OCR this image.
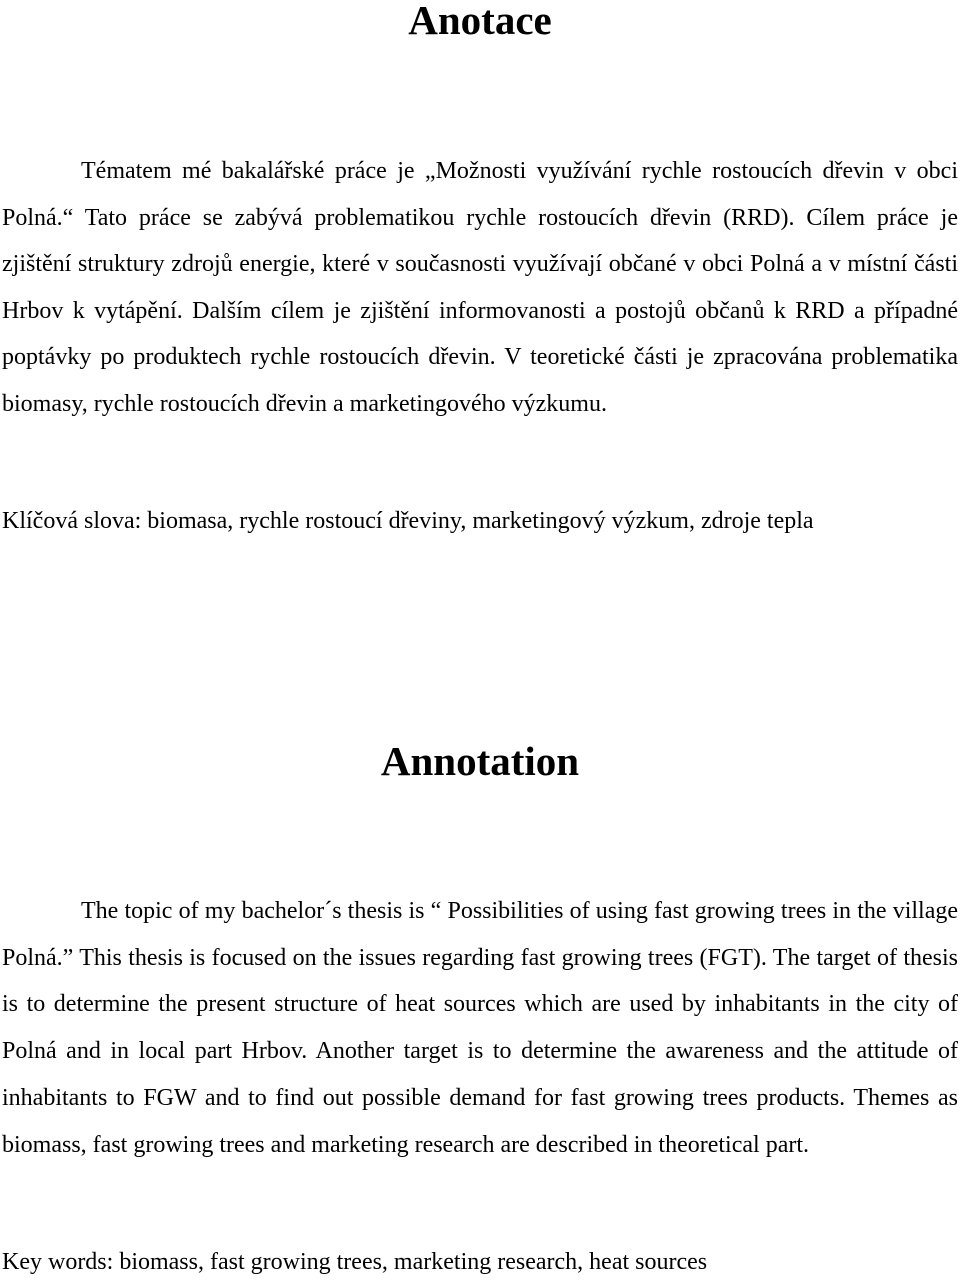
Anotace

Tématem mé bakalářské práce je „Možnosti využívání rychle rostoucích dřevin v obci Polná.“ Tato práce se zabývá problematikou rychle rostoucích dřevin (RRD). Cílem práce je zjištění struktury zdrojů energie, které v současnosti využívají občané v obci Polná a v místní části Hrbov k vytápění. Dalším cílem je zjištění informovanosti a postojů občanů k RRD a případné poptávky po produktech rychle rostoucích dřevin. V teoretické části je zpracována problematika biomasy, rychle rostoucích dřevin a marketingového výzkumu.

Klíčová slova: biomasa, rychle rostoucí dřeviny, marketingový výzkum, zdroje tepla

Annotation

The topic of my bachelor´s thesis is “ Possibilities of using fast growing trees in the village Polná.” This thesis is focused on the issues regarding fast growing trees (FGT). The target of thesis is to determine the present structure of heat sources which are used by inhabitants in the city of Polná and in local part Hrbov. Another target is to determine the awareness and the attitude of inhabitants to FGW and to find out possible demand for fast growing trees products. Themes as biomass, fast growing trees and marketing research are described in theoretical part.

Key words: biomass, fast growing trees, marketing research, heat sources
